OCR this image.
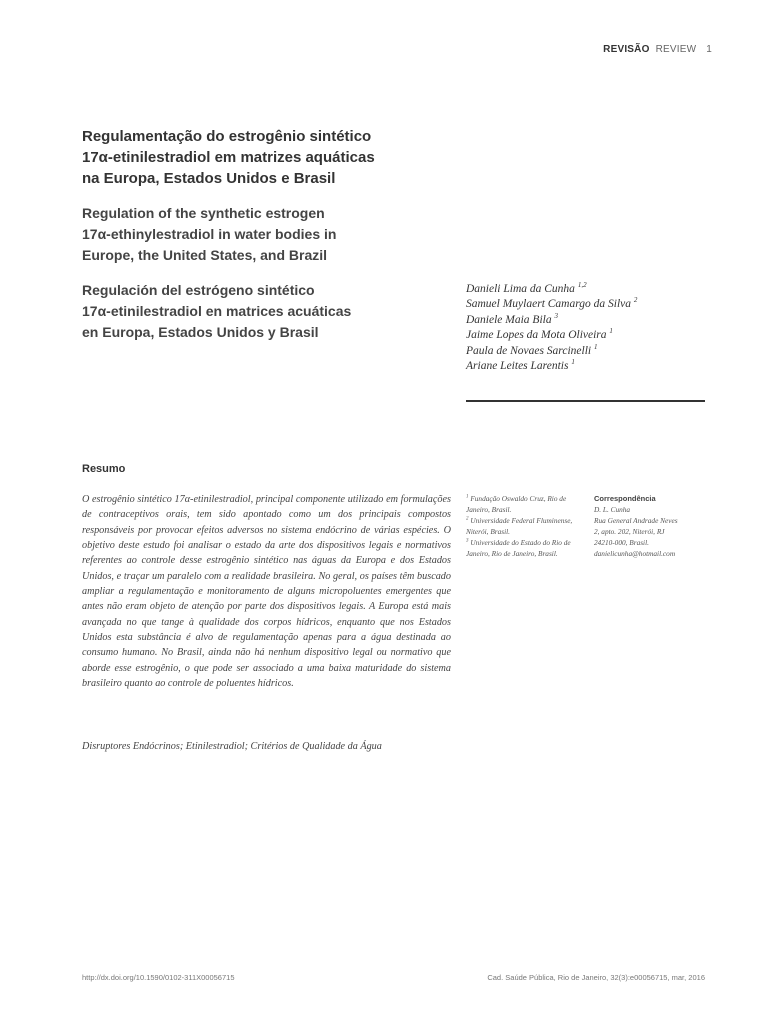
REVISÃO REVIEW 1
Regulamentação do estrogênio sintético
17α-etinilestradiol em matrizes aquáticas
na Europa, Estados Unidos e Brasil
Regulation of the synthetic estrogen
17α-ethinylestradiol in water bodies in
Europe, the United States, and Brazil
Regulación del estrógeno sintético
17α-etinilestradiol en matrices acuáticas
en Europa, Estados Unidos y Brasil
Danieli Lima da Cunha $^{1,2}$
Samuel Muylaert Camargo da Silva $^2$
Daniele Maia Bila $^3$
Jaime Lopes da Mota Oliveira $^1$
Paula de Novaes Sarcinelli $^1$
Ariane Leites Larentis $^1$
Resumo

O estrogênio sintético 17α-etinilestradiol, principal componente utilizado em formulações de contraceptivos orais, tem sido apontado como um dos principais compostos responsáveis por provocar efeitos adversos no sistema endócrino de várias espécies. O objetivo deste estudo foi analisar o estado da arte dos dispositivos legais e normativos referentes ao controle desse estrogênio sintético nas águas da Europa e dos Estados Unidos, e traçar um paralelo com a realidade brasileira. No geral, os países têm buscado ampliar a regulamentação e monitoramento de alguns micropoluentes emergentes que antes não eram objeto de atenção por parte dos dispositivos legais. A Europa está mais avançada no que tange à qualidade dos corpos hídricos, enquanto que nos Estados Unidos esta substância é alvo de regulamentação apenas para a água destinada ao consumo humano. No Brasil, ainda não há nenhum dispositivo legal ou normativo que aborde esse estrogênio, o que pode ser associado a uma baixa maturidade do sistema brasileiro quanto ao controle de poluentes hídricos.

Disruptores Endócrinos; Etinilestradiol; Critérios de Qualidade da Água

$^1$ Fundação Oswaldo Cruz, Rio de Janeiro, Brasil.
$^2$ Universidade Federal Fluminense, Niterói, Brasil.
$^3$ Universidade do Estado do Rio de Janeiro, Rio de Janeiro, Brasil.
Correspondência
D. L. Cunha
Rua General Andrade Neves
2, apto. 202, Niterói, RJ
24210-000, Brasil.
danielicunha@hotmail.com
http://dx.doi.org/10.1590/0102-311X00056715	Cad. Saúde Pública, Rio de Janeiro, 32(3):e00056715, mar, 2016
